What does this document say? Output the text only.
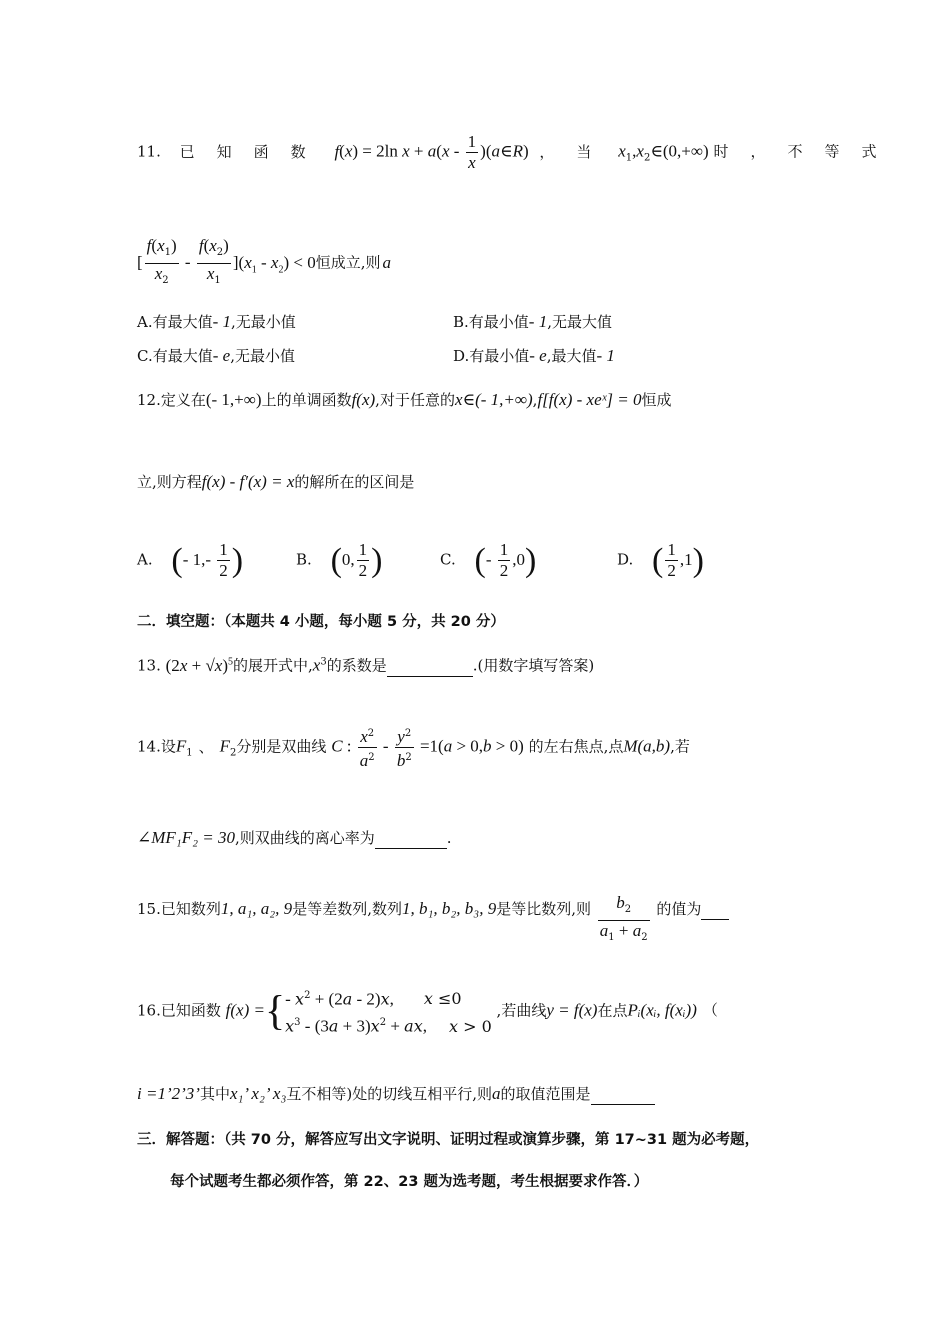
11. 已知函数 f(x) = 2ln $x + a(x - \frac{1}{x}$ )(a∈R) ，当 $x_1,x_2\in(0,+\infty)$ 时，不等式
[ $\frac{f(x_1)}{x_2} - \frac{f(x_2)}{x_1} ](x_1 - x_2) < 0$恒成立,则 a
A.有最大值- 1,无最小值	B.有最小值- 1,无最大值
C.有最大值- e,无最小值	D.有最小值- e,最大值- 1
12.定义在(- 1,+∞)上的单调函数f(x),对于任意的x∈(- 1,+∞),f[f(x) - xeˣ] = 0恒成
立,则方程f(x) - f′(x) = x的解所在的区间是
A. (- $1,- \frac{1}{2}$ )	B. (0, $\frac{1}{2}$ )	C. (- $\frac{1}{2} ,0$)	D. ( $\frac{1}{2} ,1$)
二．填空题：（本题共 4 小题，每小题 5 分，共 20 分）
13. $(2x + √x)^5$的展开式中$,x^3$的系数是	.(用数字填写答案)
14.设$F_1$ 、 $F_2$分别是双曲线 C : $\frac{x^2}{a^2} - \frac{y^2}{b^2} =1(a > 0,b > 0)$ 的左右焦点,点M(a,b),若
∠MF₁F₂ = 30,则双曲线的离心率为	.
15.已知数列1, a₁, a₂, 9是等差数列,数列1, b₁, b₂, b₃, 9是等比数列,则 $\frac{b_2}{a_1 + a_2}$ 的值为
16.已知函数 f(x) ={ - $x^2 + (2a - 2)x$, x ≤0
$x^3 - (3a + 3)x^2$ + ax, x > 0
,若曲线y = f(x)在点Pᵢ(xᵢ, f(xᵢ)) （
i =1’2’3’其中x₁’ x₂’ x₃互不相等)处的切线互相平行,则a的取值范围是
三．解答题：（共 70 分，解答应写出文字说明、证明过程或演算步骤，第 17~31 题为必考题，
每个试题考生都必须作答，第 22、23 题为选考题，考生根据要求作答．）
